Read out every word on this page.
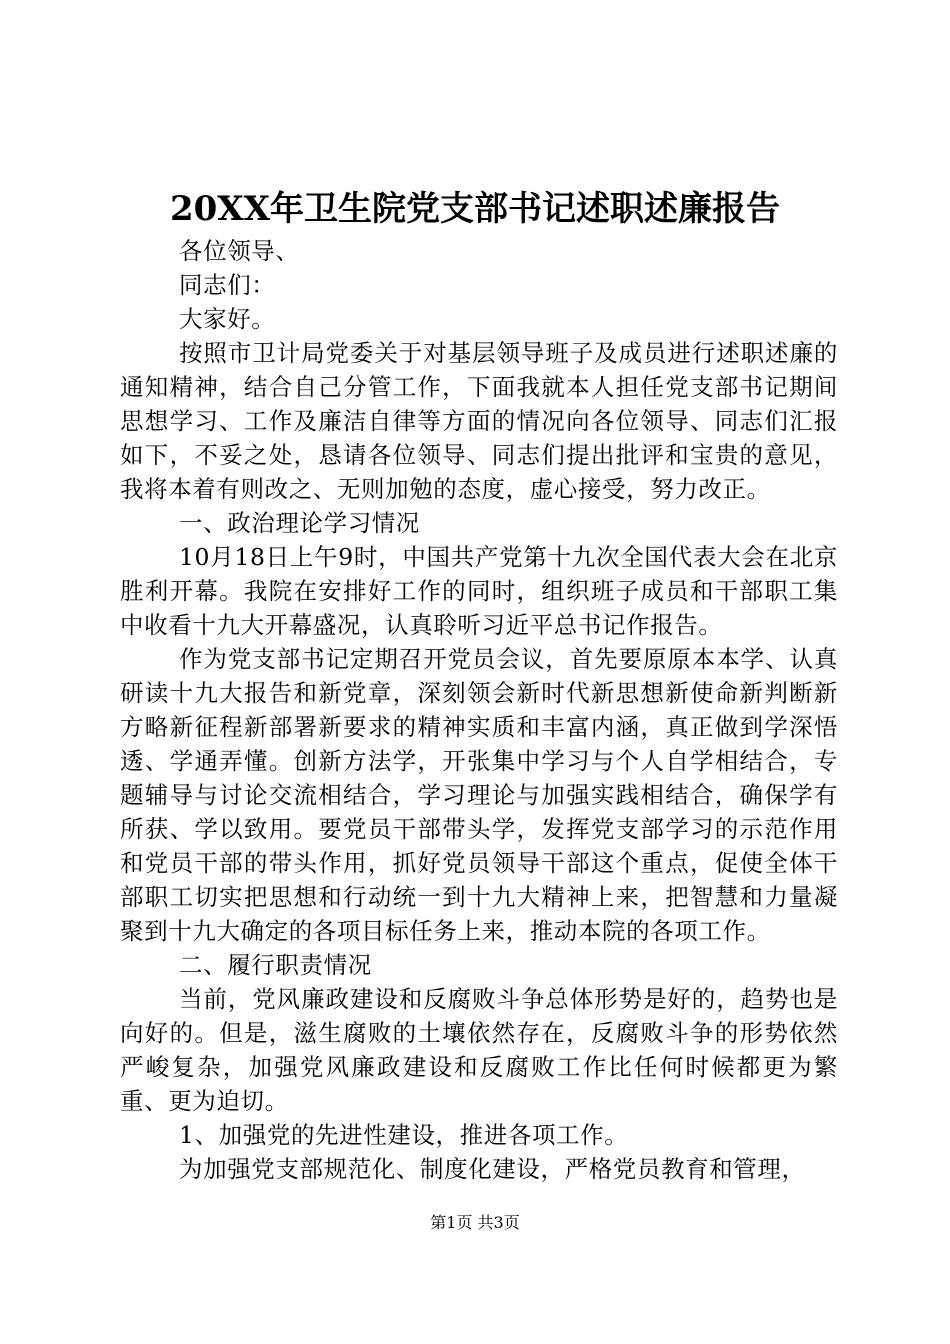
20XX年卫生院党支部书记述职述廉报告

各位领导、

同志们：

大家好。

按照市卫计局党委关于对基层领导班子及成员进行述职述廉的通知精神，结合自己分管工作，下面我就本人担任党支部书记期间思想学习、工作及廉洁自律等方面的情况向各位领导、同志们汇报如下，不妥之处，恳请各位领导、同志们提出批评和宝贵的意见，我将本着有则改之、无则加勉的态度，虚心接受，努力改正。

一、政治理论学习情况

10月18日上午9时，中国共产党第十九次全国代表大会在北京胜利开幕。我院在安排好工作的同时，组织班子成员和干部职工集中收看十九大开幕盛况，认真聆听习近平总书记作报告。

作为党支部书记定期召开党员会议，首先要原原本本学、认真研读十九大报告和新党章，深刻领会新时代新思想新使命新判断新方略新征程新部署新要求的精神实质和丰富内涵，真正做到学深悟透、学通弄懂。创新方法学，开张集中学习与个人自学相结合，专题辅导与讨论交流相结合，学习理论与加强实践相结合，确保学有所获、学以致用。要党员干部带头学，发挥党支部学习的示范作用和党员干部的带头作用，抓好党员领导干部这个重点，促使全体干部职工切实把思想和行动统一到十九大精神上来，把智慧和力量凝聚到十九大确定的各项目标任务上来，推动本院的各项工作。

二、履行职责情况

当前，党风廉政建设和反腐败斗争总体形势是好的，趋势也是向好的。但是，滋生腐败的土壤依然存在，反腐败斗争的形势依然严峻复杂，加强党风廉政建设和反腐败工作比任何时候都更为繁重、更为迫切。

1、加强党的先进性建设，推进各项工作。

为加强党支部规范化、制度化建设，严格党员教育和管理，

第1页 共3页
